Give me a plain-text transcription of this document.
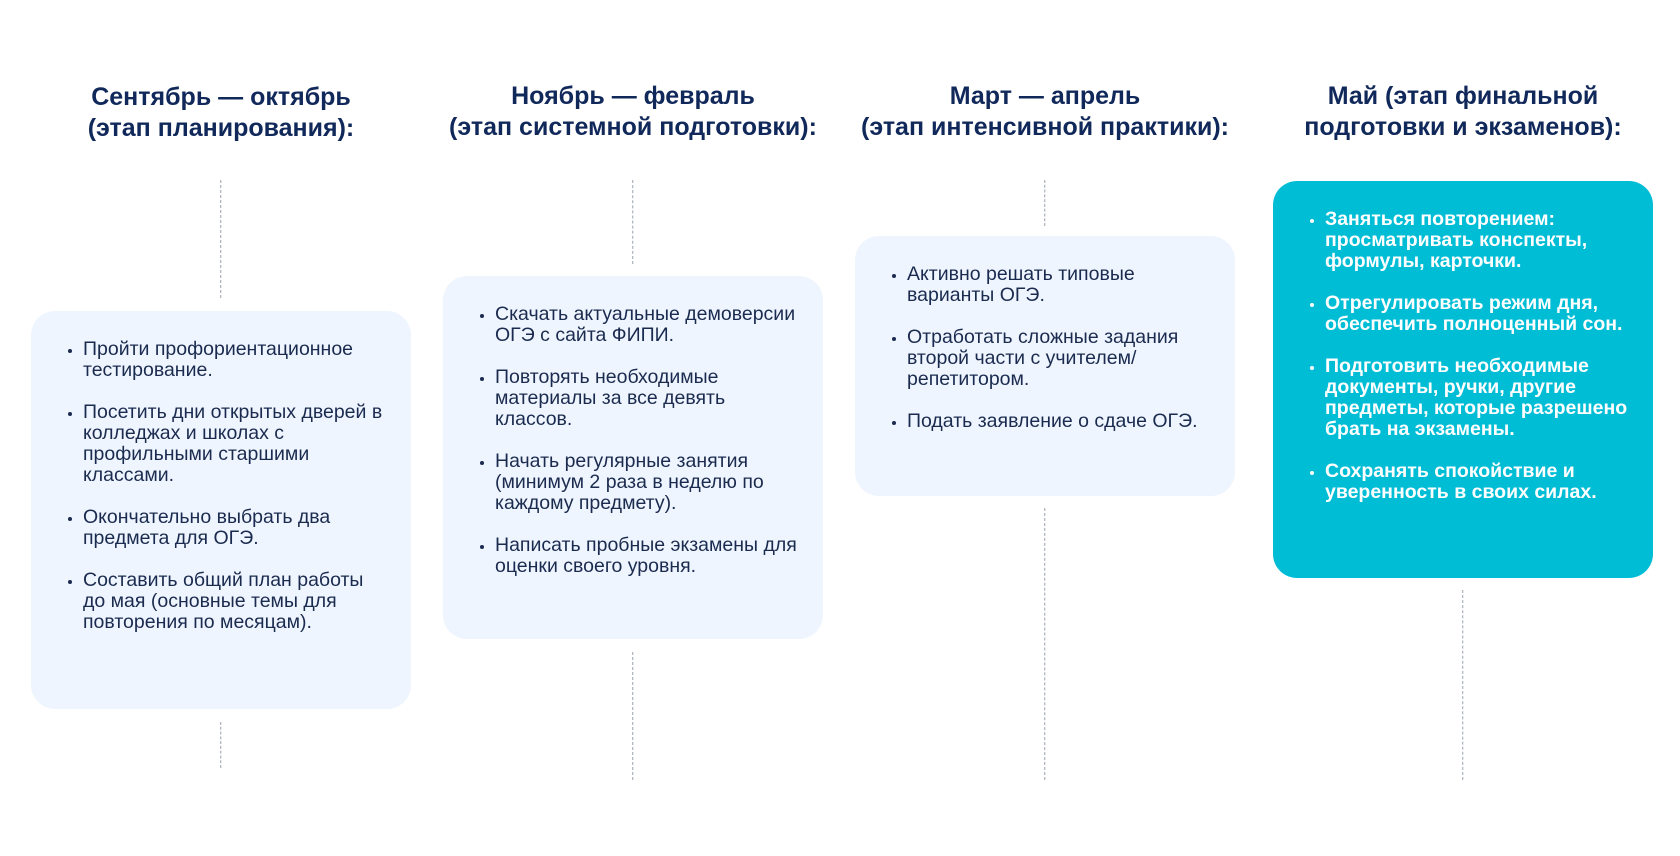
Сентябрь — октябрь
(этап планирования):
• Пройти профориентационное тестирование.
• Посетить дни открытых дверей в колледжах и школах с профильными старшими классами.
• Окончательно выбрать два предмета для ОГЭ.
• Составить общий план работы до мая (основные темы для повторения по месяцам).
Ноябрь — февраль
(этап системной подготовки):
• Скачать актуальные демоверсии ОГЭ с сайта ФИПИ.
• Повторять необходимые материалы за все девять классов.
• Начать регулярные занятия (минимум 2 раза в неделю по каждому предмету).
• Написать пробные экзамены для оценки своего уровня.
Март — апрель
(этап интенсивной практики):
• Активно решать типовые варианты ОГЭ.
• Отработать сложные задания второй части с учителем/ репетитором.
• Подать заявление о сдаче ОГЭ.
Май (этап финальной
подготовки и экзаменов):
• Заняться повторением: просматривать конспекты, формулы, карточки.
• Отрегулировать режим дня, обеспечить полноценный сон.
• Подготовить необходимые документы, ручки, другие предметы, которые разрешено брать на экзамены.
• Сохранять спокойствие и уверенность в своих силах.
